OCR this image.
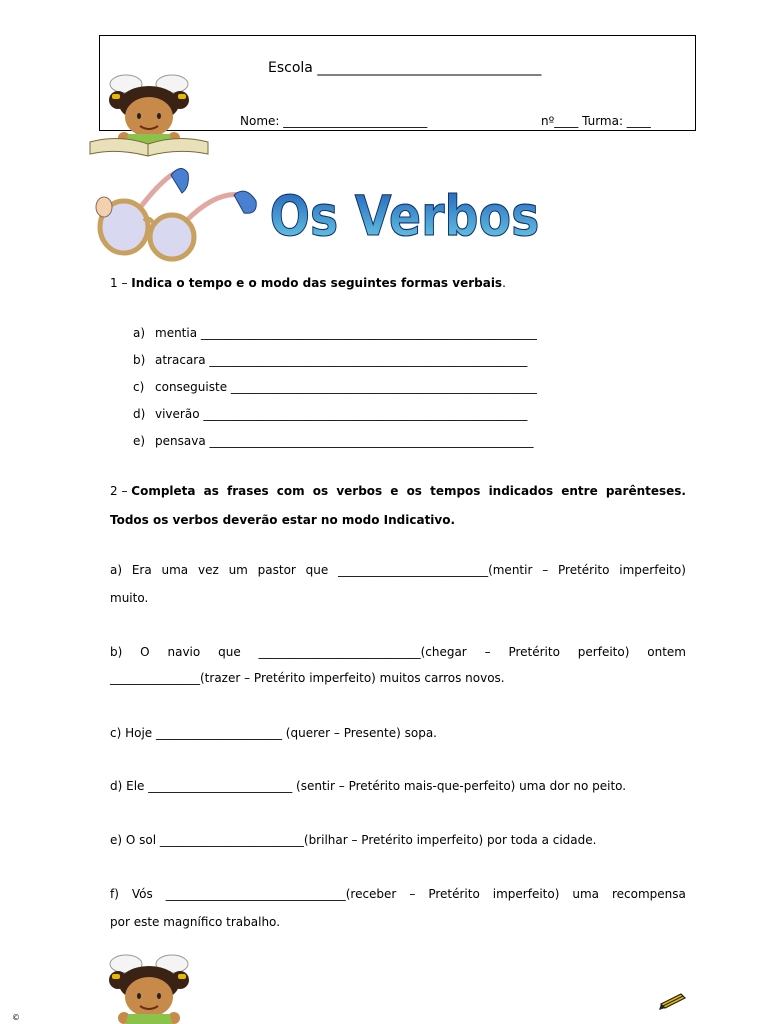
Escola ________________________________
Nome: ________________________	nº____ Turma: ____
Os Verbos
1 – Indica o tempo e o modo das seguintes formas verbais.
a) mentia ________________________________________________________
b) atracara _____________________________________________________
c) conseguiste ___________________________________________________
d) viverão ______________________________________________________
e) pensava ______________________________________________________
2 – Completa as frases com os verbos e os tempos indicados entre parênteses.
Todos os verbos deverão estar no modo Indicativo.
a) Era uma vez um pastor que _________________________(mentir – Pretérito imperfeito)
muito.
b) O navio que ___________________________(chegar – Pretérito perfeito) ontem
_______________(trazer – Pretérito imperfeito) muitos carros novos.
c) Hoje _____________________ (querer – Presente) sopa.
d) Ele ________________________ (sentir – Pretérito mais-que-perfeito) uma dor no peito.
e) O sol ________________________(brilhar – Pretérito imperfeito) por toda a cidade.
f) Vós ______________________________(receber – Pretérito imperfeito) uma recompensa
por este magnífico trabalho.
©
